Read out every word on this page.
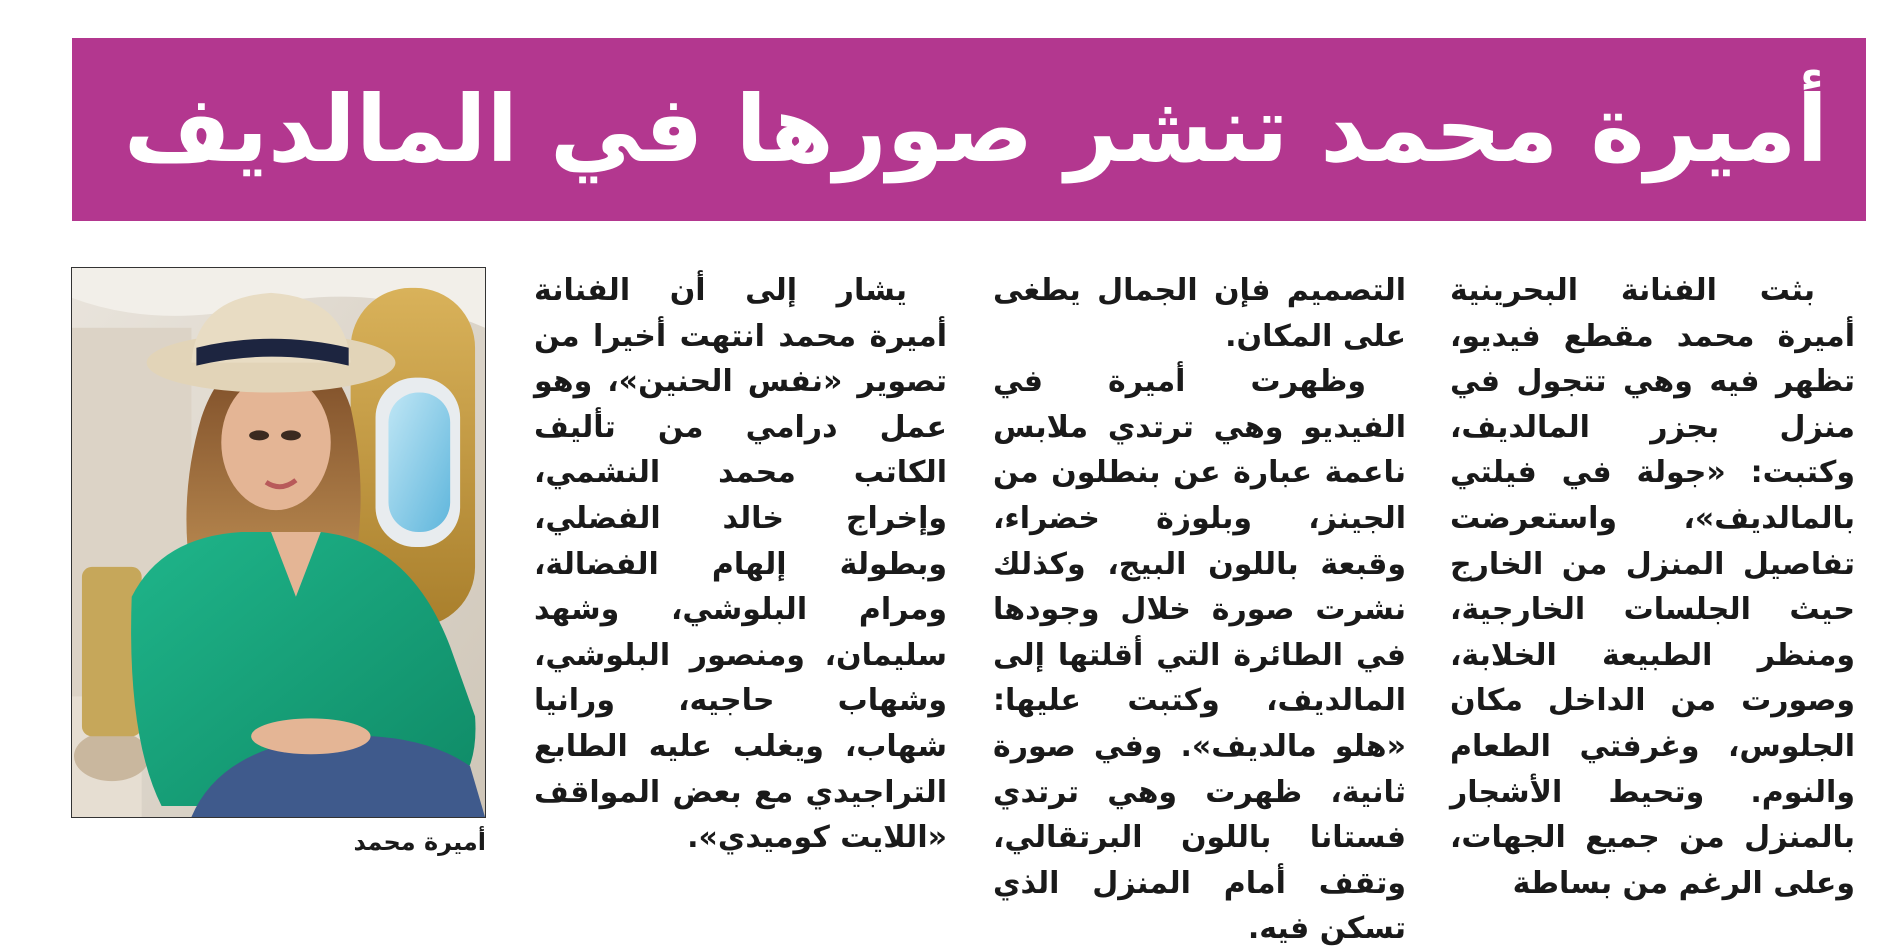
أميرة محمد تنشر صورها في المالديف

بثت الفنانة البحرينية أميرة محمد مقطع فيديو، تظهر فيه وهي تتجول في منزل بجزر المالديف، وكتبت: «جولة في فيلتي بالمالديف»، واستعرضت تفاصيل المنزل من الخارج حيث الجلسات الخارجية، ومنظر الطبيعة الخلابة، وصورت من الداخل مكان الجلوس، وغرفتي الطعام والنوم. وتحيط الأشجار بالمنزل من جميع الجهات، وعلى الرغم من بساطة

التصميم فإن الجمال يطغى على المكان.

وظهرت أميرة في الفيديو وهي ترتدي ملابس ناعمة عبارة عن بنطلون من الجينز، وبلوزة خضراء، وقبعة باللون البيج، وكذلك نشرت صورة خلال وجودها في الطائرة التي أقلتها إلى المالديف، وكتبت عليها: «هلو مالديف». وفي صورة ثانية، ظهرت وهي ترتدي فستانا باللون البرتقالي، وتقف أمام المنزل الذي تسكن فيه.

يشار إلى أن الفنانة أميرة محمد انتهت أخيرا من تصوير «نفس الحنين»، وهو عمل درامي من تأليف الكاتب محمد النشمي، وإخراج خالد الفضلي، وبطولة إلهام الفضالة، ومرام البلوشي، وشهد سليمان، ومنصور البلوشي، وشهاب حاجيه، ورانيا شهاب، ويغلب عليه الطابع التراجيدي مع بعض المواقف «اللايت كوميدي».

أميرة محمد
